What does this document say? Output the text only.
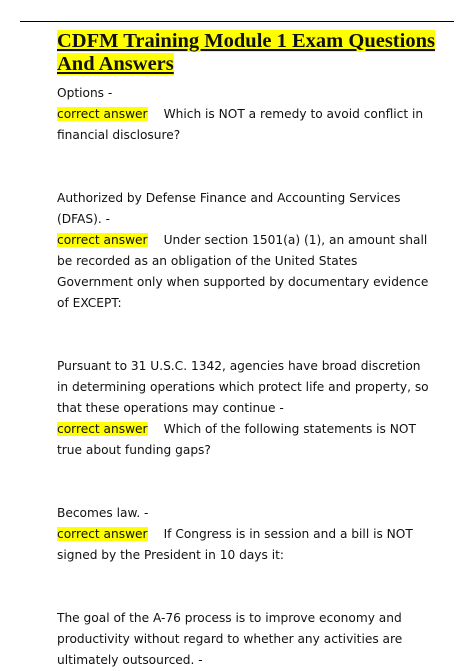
CDFM Training Module 1 Exam Questions And Answers

Options -
correct answer Which is NOT a remedy to avoid conflict in financial disclosure?

Authorized by Defense Finance and Accounting Services (DFAS). -
correct answer Under section 1501(a) (1), an amount shall be recorded as an obligation of the United States Government only when supported by documentary evidence of EXCEPT:

Pursuant to 31 U.S.C. 1342, agencies have broad discretion in determining operations which protect life and property, so that these operations may continue -
correct answer Which of the following statements is NOT true about funding gaps?

Becomes law. -
correct answer If Congress is in session and a bill is NOT signed by the President in 10 days it:

The goal of the A-76 process is to improve economy and productivity without regard to whether any activities are ultimately outsourced. -
